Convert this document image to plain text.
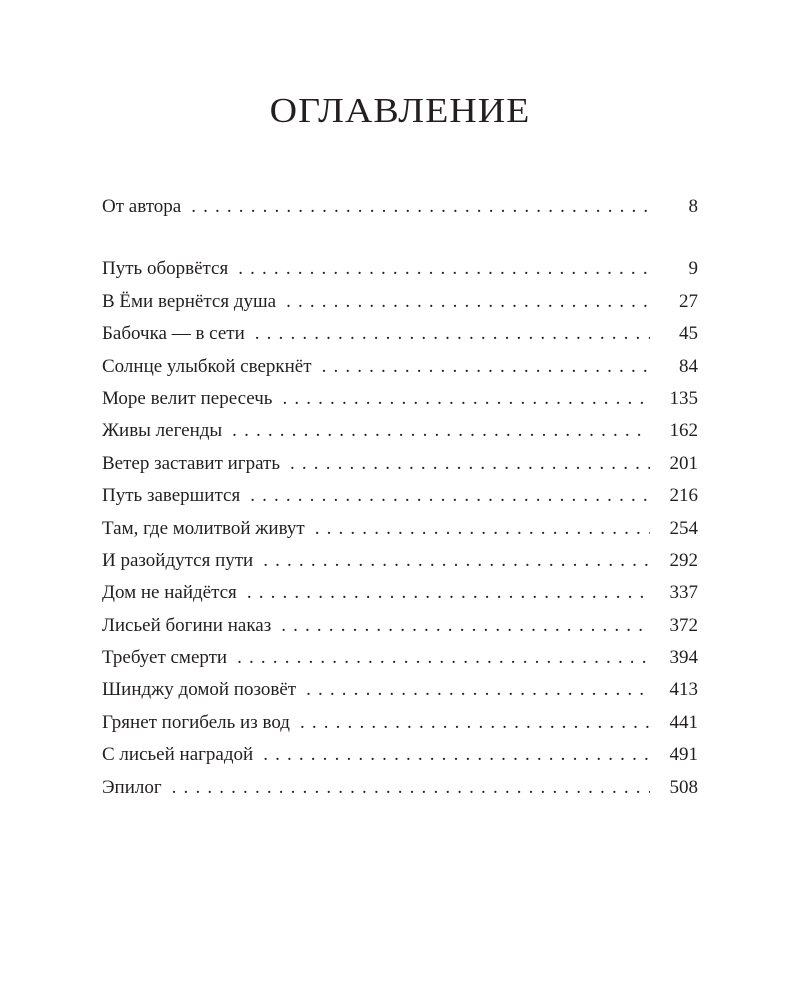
ОГЛАВЛЕНИЕ
От автора . . .	8
Путь оборвётся . . .	9
В Ёми вернётся душа . . .	27
Бабочка — в сети . . .	45
Солнце улыбкой сверкнёт . . .	84
Море велит пересечь . . .	135
Живы легенды . . .	162
Ветер заставит играть . . .	201
Путь завершится . . .	216
Там, где молитвой живут . . .	254
И разойдутся пути . . .	292
Дом не найдётся . . .	337
Лисьей богини наказ . . .	372
Требует смерти . . .	394
Шинджу домой позовёт . . .	413
Грянет погибель из вод . . .	441
С лисьей наградой . . .	491
Эпилог . . .	508
